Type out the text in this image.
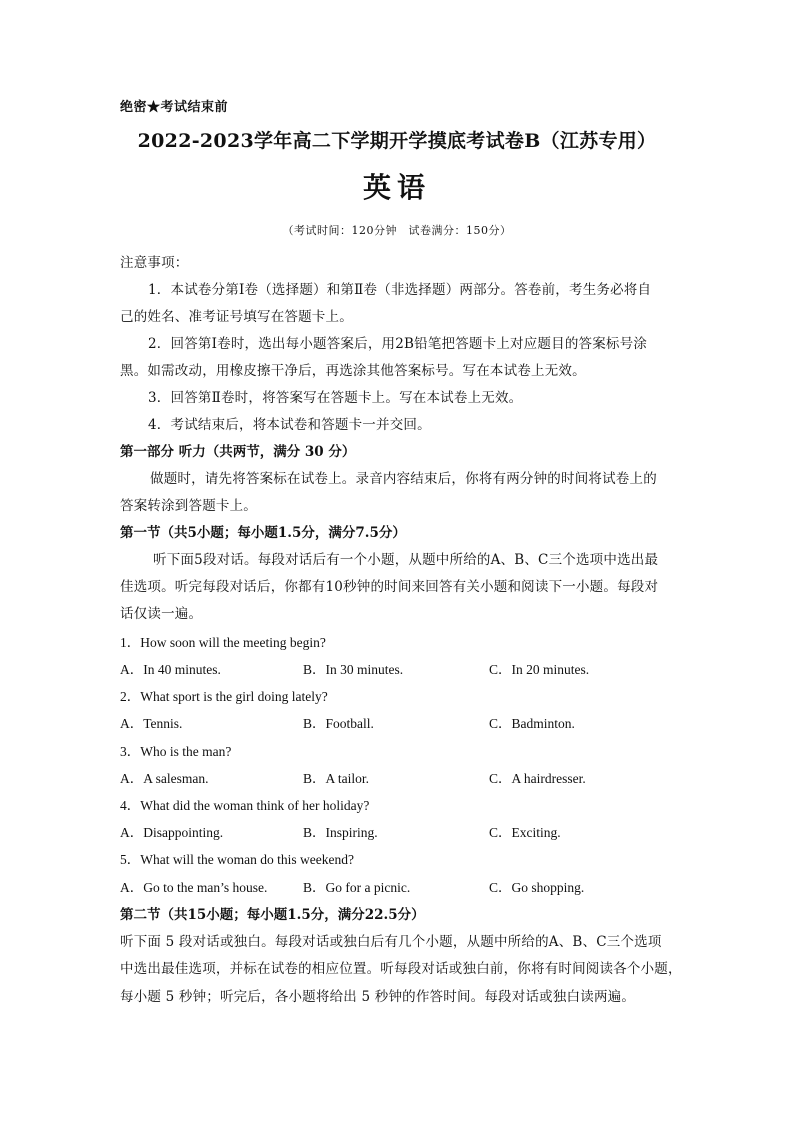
绝密★考试结束前
2022-2023学年高二下学期开学摸底考试卷B（江苏专用）
英语
（考试时间：120分钟　试卷满分：150分）
注意事项：
1．本试卷分第Ⅰ卷（选择题）和第Ⅱ卷（非选择题）两部分。答卷前，考生务必将自
己的姓名、准考证号填写在答题卡上。
2．回答第Ⅰ卷时，选出每小题答案后，用2B铅笔把答题卡上对应题目的答案标号涂
黑。如需改动，用橡皮擦干净后，再选涂其他答案标号。写在本试卷上无效。
3．回答第Ⅱ卷时，将答案写在答题卡上。写在本试卷上无效。
4．考试结束后，将本试卷和答题卡一并交回。
第一部分 听力（共两节，满分 30 分）
做题时，请先将答案标在试卷上。录音内容结束后，你将有两分钟的时间将试卷上的
答案转涂到答题卡上。
第一节（共5小题；每小题1.5分，满分7.5分）
听下面5段对话。每段对话后有一个小题，从题中所给的A、B、C三个选项中选出最
佳选项。听完每段对话后，你都有10秒钟的时间来回答有关小题和阅读下一小题。每段对
话仅读一遍。
1．How soon will the meeting begin?
A．In 40 minutes.	B．In 30 minutes.	C．In 20 minutes.
2．What sport is the girl doing lately?
A．Tennis.	B．Football.	C．Badminton.
3．Who is the man?
A．A salesman.	B．A tailor.	C．A hairdresser.
4．What did the woman think of her holiday?
A．Disappointing.	B．Inspiring.	C．Exciting.
5．What will the woman do this weekend?
A．Go to the man’s house.	B．Go for a picnic.	C．Go shopping.
第二节（共15小题；每小题1.5分，满分22.5分）
听下面 5 段对话或独白。每段对话或独白后有几个小题，从题中所给的A、B、C三个选项
中选出最佳选项，并标在试卷的相应位置。听每段对话或独白前，你将有时间阅读各个小题，
每小题 5 秒钟；听完后，各小题将给出 5 秒钟的作答时间。每段对话或独白读两遍。
